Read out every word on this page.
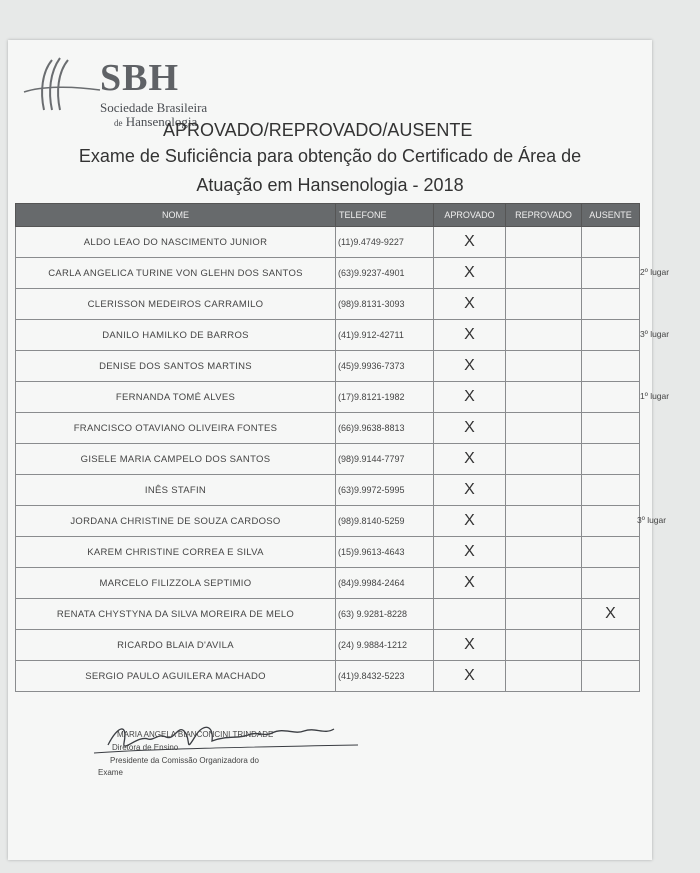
SBH
Sociedade Brasileira
de Hansenologia
APROVADO/REPROVADO/AUSENTE
Exame de Suficiência para obtenção do Certificado de Área de
Atuação em Hansenologia - 2018
NOME	TELEFONE	APROVADO	REPROVADO	AUSENTE
ALDO LEAO DO NASCIMENTO JUNIOR	(11)9.4749-9227	X		
CARLA ANGELICA TURINE VON GLEHN DOS SANTOS	(63)9.9237-4901	X		
CLERISSON MEDEIROS CARRAMILO	(98)9.8131-3093	X		
DANILO HAMILKO DE BARROS	(41)9.912-42711	X		
DENISE DOS SANTOS MARTINS	(45)9.9936-7373	X		
FERNANDA TOMÉ ALVES	(17)9.8121-1982	X		
FRANCISCO OTAVIANO OLIVEIRA FONTES	(66)9.9638-8813	X		
GISELE MARIA CAMPELO DOS SANTOS	(98)9.9144-7797	X		
INÊS STAFIN	(63)9.9972-5995	X		
JORDANA CHRISTINE DE SOUZA CARDOSO	(98)9.8140-5259	X		
KAREM CHRISTINE CORREA E SILVA	(15)9.9613-4643	X		
MARCELO FILIZZOLA SEPTIMIO	(84)9.9984-2464	X		
RENATA CHYSTYNA DA SILVA MOREIRA DE MELO	(63) 9.9281-8228			X
RICARDO BLAIA D'AVILA	(24) 9.9884-1212	X		
SERGIO PAULO AGUILERA MACHADO	(41)9.8432-5223	X		
2º lugar
3º lugar
1º lugar
3º lugar
MARIA ANGELA BIANCONCINI TRINDADE
Diretora de Ensino
Presidente da Comissão Organizadora do
Exame
